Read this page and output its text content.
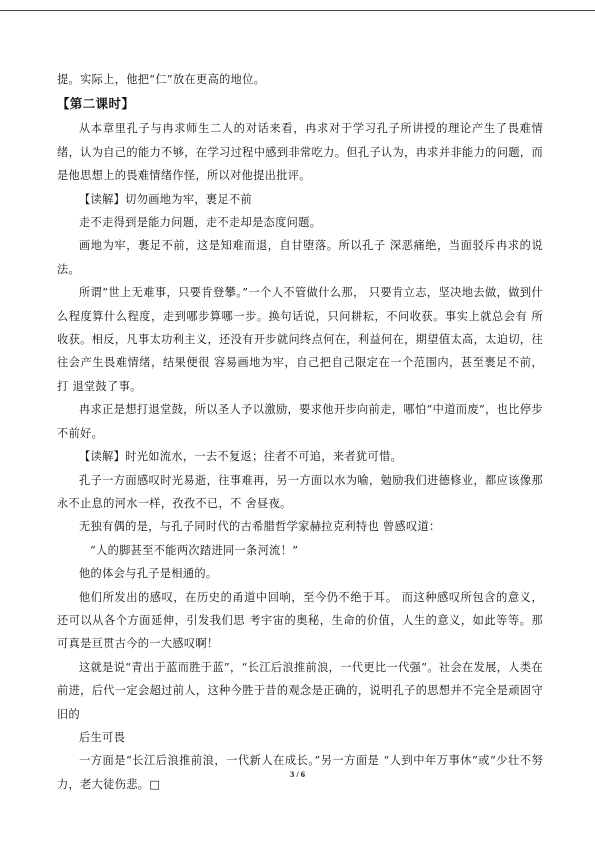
提。实际上，他把“仁”放在更高的地位。

【第二课时】

从本章里孔子与冉求师生二人的对话来看，冉求对于学习孔子所讲授的理论产生了畏难情绪，认为自己的能力不够，在学习过程中感到非常吃力。但孔子认为，冉求并非能力的问题，而是他思想上的畏难情绪作怪，所以对他提出批评。

【读解】切勿画地为牢，裹足不前

走不走得到是能力问题，走不走却是态度问题。

画地为牢，裹足不前，这是知难而退，自甘堕落。所以孔子 深恶痛绝，当面驳斥冉求的说法。

所谓“世上无难事，只要肯登攀。”一个人不管做什么那， 只要肯立志，坚决地去做，做到什么程度算什么程度，走到哪步算哪一步。换句话说，只问耕耘，不问收获。事实上就总会有 所收获。相反，凡事太功利主义，还没有开步就问终点何在，利益何在，期望值太高，太迫切，往往会产生畏难情绪，结果便很 容易画地为牢，自己把自己限定在一个范围内，甚至裹足不前，打 退堂鼓了事。

冉求正是想打退堂鼓，所以圣人予以激励，要求他开步向前走，哪怕“中道而废”，也比停步不前好。

【读解】时光如流水，一去不复返；往者不可追，来者犹可惜。

孔子一方面感叹时光易逝，往事难再，另一方面以水为喻，勉励我们进德修业，都应该像那永不止息的河水一样，孜孜不已，不 舍昼夜。

无独有偶的是，与孔子同时代的古希腊哲学家赫拉克利特也 曾感叹道：

“人的脚甚至不能两次踏进同一条河流！”

他的体会与孔子是相通的。

他们所发出的感叹，在历史的甬道中回响，至今仍不绝于耳。 而这种感叹所包含的意义，还可以从各个方面延伸，引发我们思 考宇宙的奥秘，生命的价值，人生的意义，如此等等。那可真是亘贯古今的一大感叹啊！

这就是说“青出于蓝而胜于蓝”，“长江后浪推前浪，一代更比一代强”。社会在发展，人类在前进，后代一定会超过前人，这种今胜于昔的观念是正确的，说明孔子的思想并不完全是顽固守旧的

后生可畏

一方面是“长江后浪推前浪，一代新人在成长。”另一方面是 “人到中年万事休”或“少壮不努力，老大徒伤悲。□

3 / 6
